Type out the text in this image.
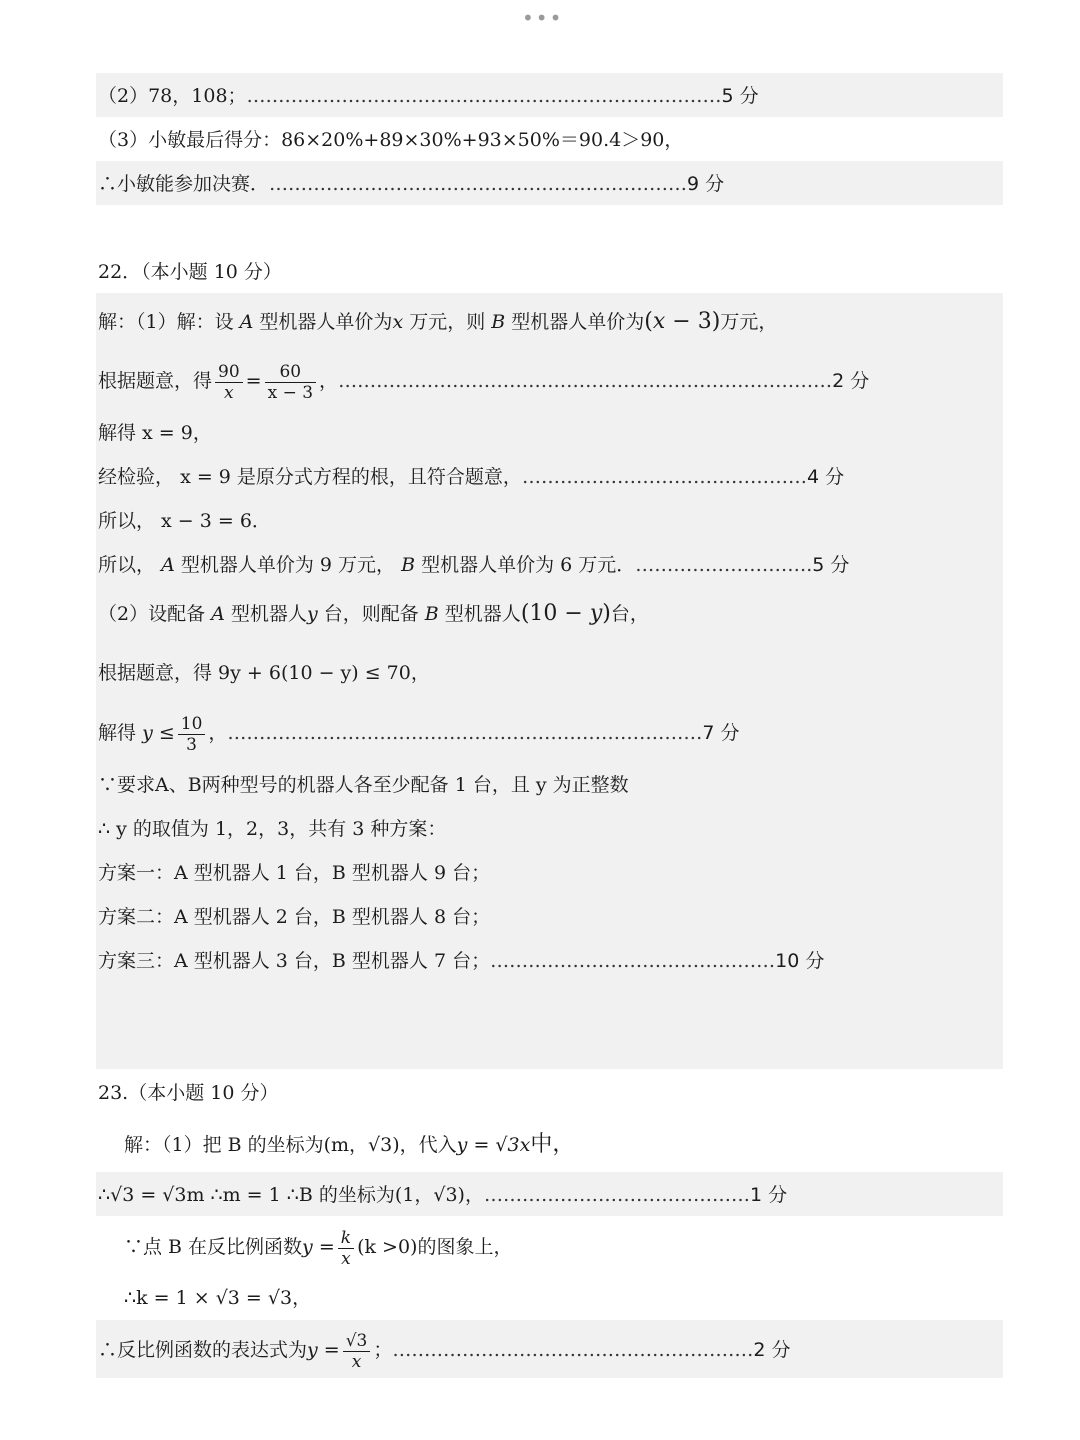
•••
（2）78，108；…………………………………………………………………5 分
（3）小敏最后得分：86×20%+89×30%+93×50%＝90.4＞90，
∴小敏能参加决赛．…………………………………………………………9 分
22．（本小题 10 分）
解：（1）解：设 A 型机器人单价为x 万元，则 B 型机器人单价为(x − 3)万元，
根据题意，得 $\frac{90}{x} = \frac{60}{x - 3}$ ，……………………………………………………………………2 分
解得 x = 9，
经检验， x = 9 是原分式方程的根，且符合题意，………………………………………4 分
所以， x − 3 = 6．
所以， A 型机器人单价为 9 万元， B 型机器人单价为 6 万元．……………………….5 分
（2）设配备 A 型机器人y 台，则配备 B 型机器人(10 − y)台，
根据题意，得 9y + 6(10 − y) ≤ 70，
解得 $y \le \frac{10}{3}$ ，…………………………………………………………………7 分
∵要求A、B两种型号的机器人各至少配备 1 台，且 y 为正整数
∴ y 的取值为 1，2，3，共有 3 种方案：
方案一：A 型机器人 1 台，B 型机器人 9 台；
方案二：A 型机器人 2 台，B 型机器人 8 台；
方案三：A 型机器人 3 台，B 型机器人 7 台；………………………………………10 分
23.（本小题 10 分）
解：（1）把 B 的坐标为(m，√3)，代入y = √3x中，
∴√3 = √3m ∴m = 1 ∴B 的坐标为(1，√3)，……………………………………1 分
∵点 B 在反比例函数$y = \frac{k}{x} (k >0)$的图象上，
∴k = 1 × √3 = √3，
∴反比例函数的表达式为$y = \frac{√3}{x}$ ；…………………………………………………2 分
